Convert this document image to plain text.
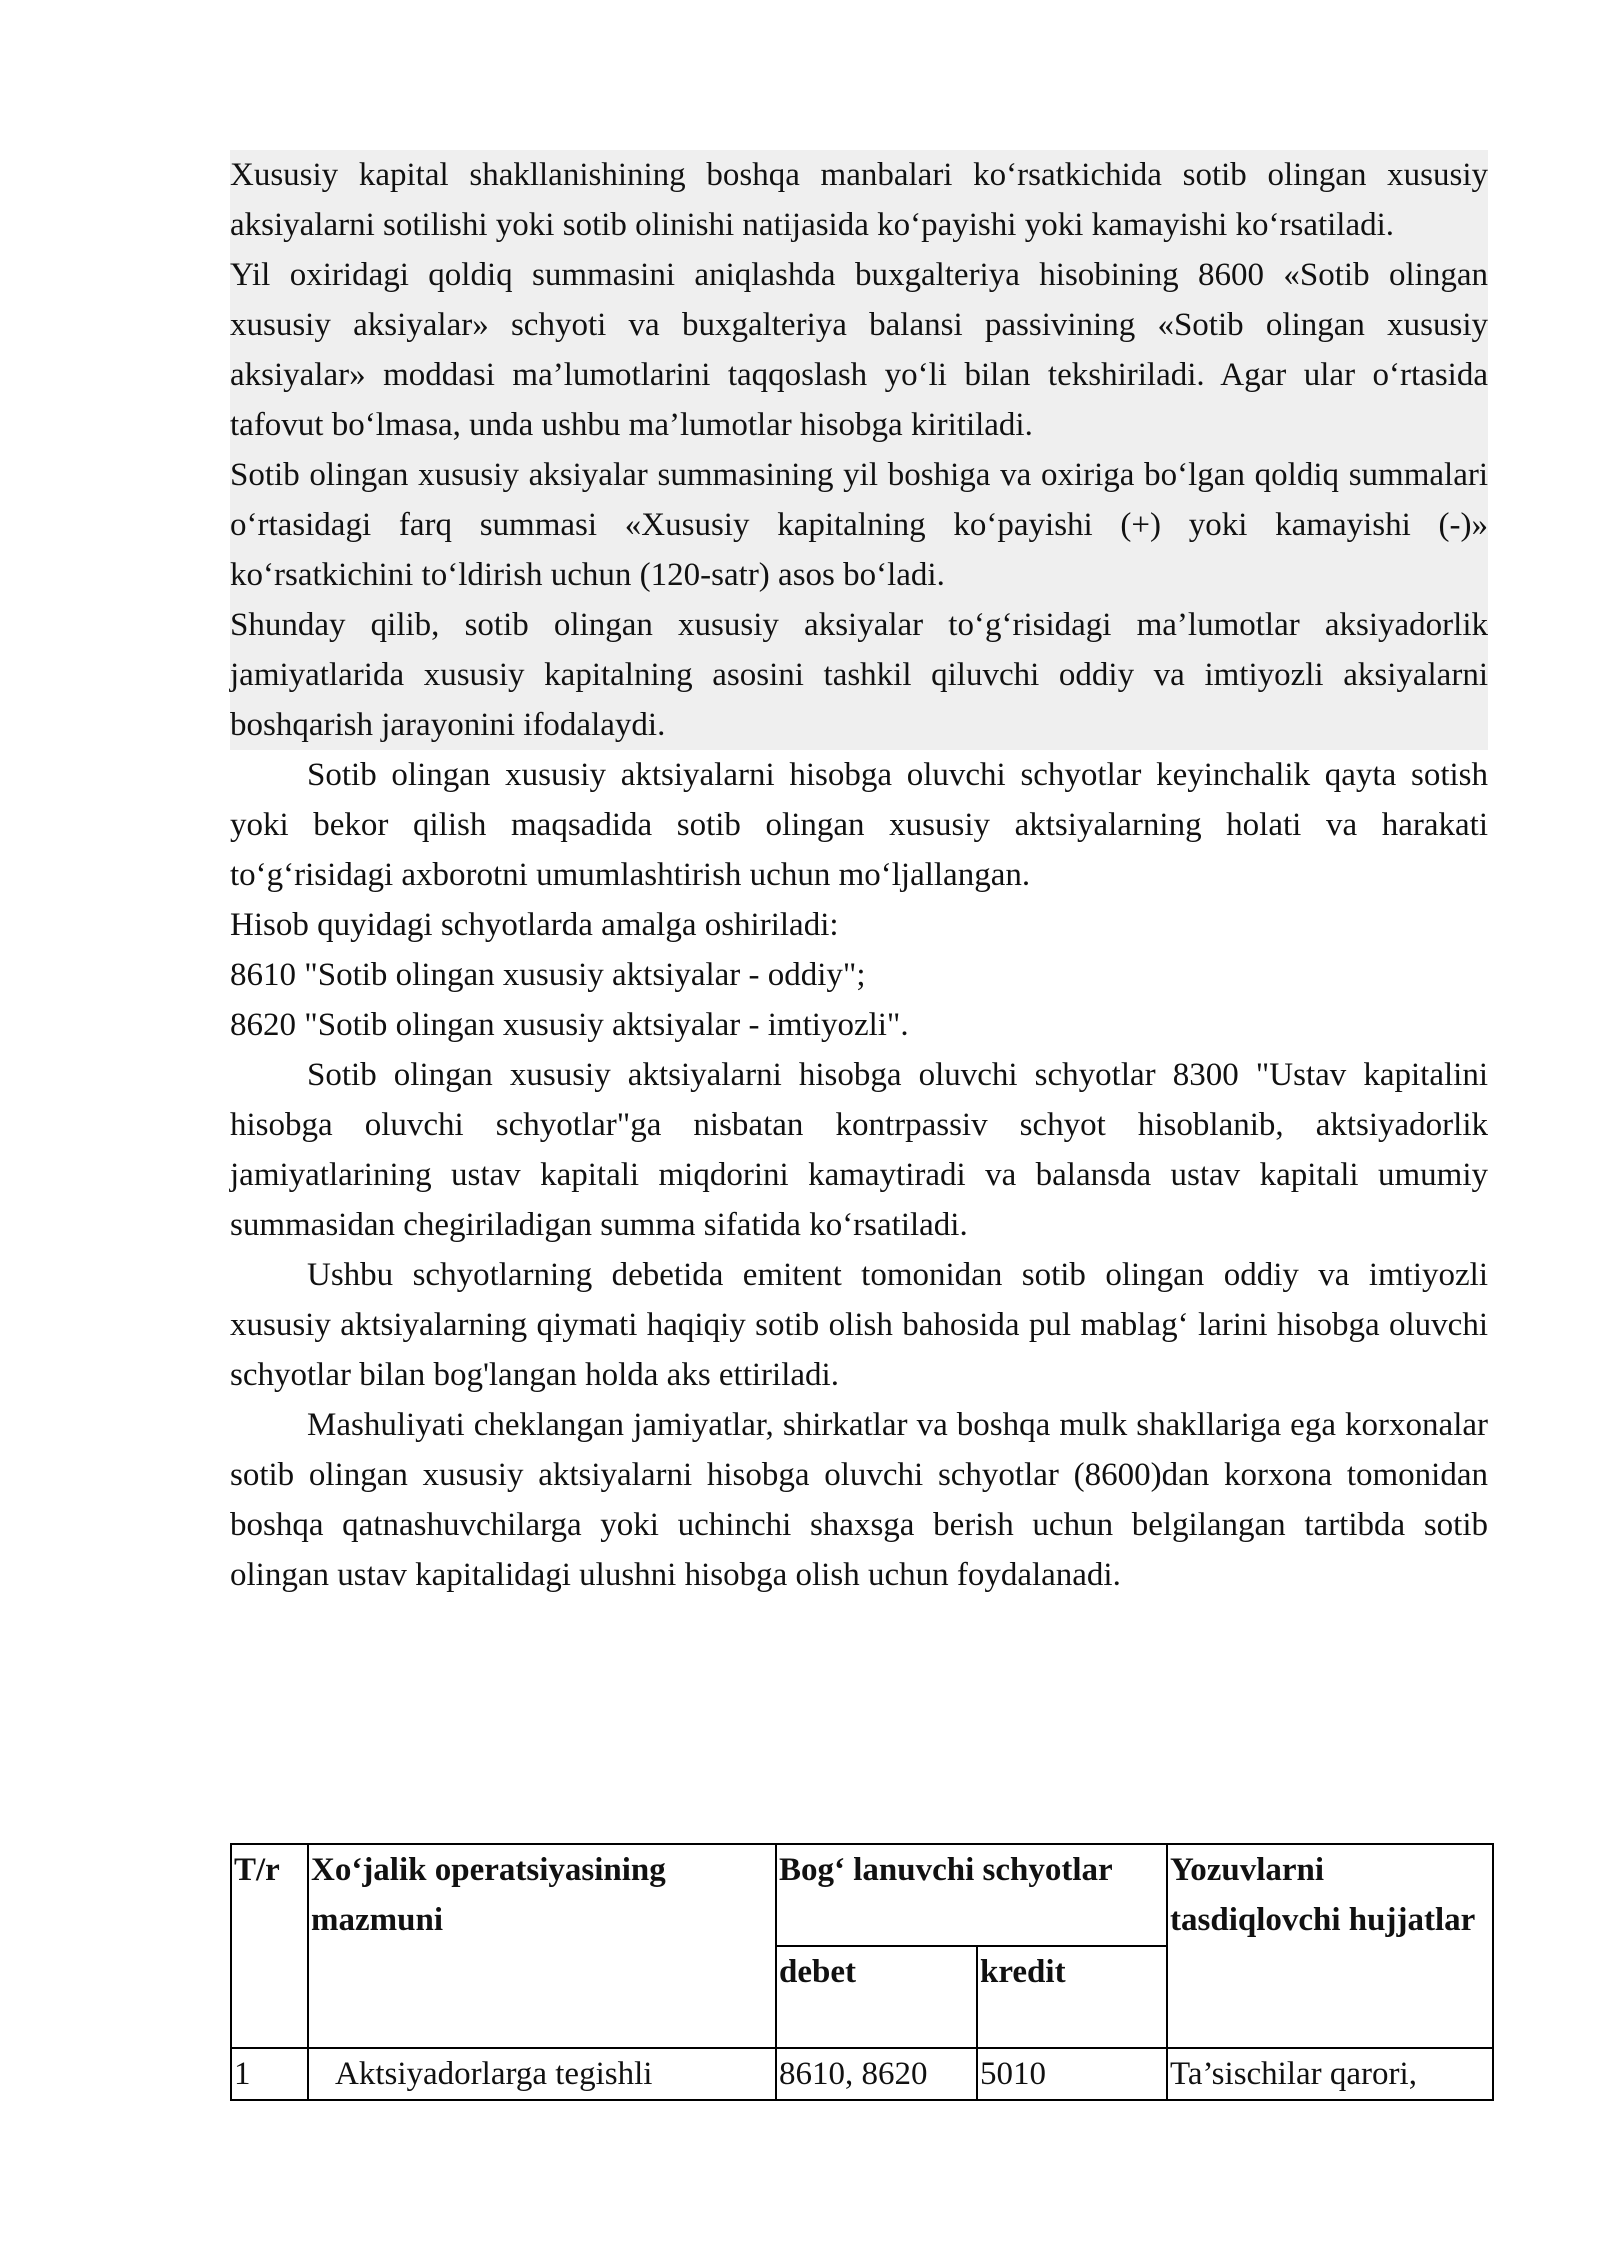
Xususiy kapital shakllanishining boshqa manbalari ko‘rsatkichida sotib olingan xususiy aksiyalarni sotilishi yoki sotib olinishi natijasida ko‘payishi yoki kamayishi ko‘rsatiladi.

Yil oxiridagi qoldiq summasini aniqlashda buxgalteriya hisobining 8600 «Sotib olingan xususiy aksiyalar» schyoti va buxgalteriya balansi passivining «Sotib olingan xususiy aksiyalar» moddasi ma’lumotlarini taqqoslash yo‘li bilan tekshiriladi. Agar ular o‘rtasida tafovut bo‘lmasa, unda ushbu ma’lumotlar hisobga kiritiladi.

Sotib olingan xususiy aksiyalar summasining yil boshiga va oxiriga bo‘lgan qoldiq summalari o‘rtasidagi farq summasi «Xususiy kapitalning ko‘payishi (+) yoki kamayishi (-)» ko‘rsatkichini to‘ldirish uchun (120-satr) asos bo‘ladi.

Shunday qilib, sotib olingan xususiy aksiyalar to‘g‘risidagi ma’lumotlar aksiyadorlik jamiyatlarida xususiy kapitalning asosini tashkil qiluvchi oddiy va imtiyozli aksiyalarni boshqarish jarayonini ifodalaydi.

Sotib olingan xususiy aktsiyalarni hisobga oluvchi schyotlar keyinchalik qayta sotish yoki bekor qilish maqsadida sotib olingan xususiy aktsiyalarning holati va harakati to‘g‘risidagi axborotni umumlashtirish uchun mo‘ljallangan.

Hisob quyidagi schyotlarda amalga oshiriladi:

8610 "Sotib olingan xususiy aktsiyalar - oddiy";

8620 "Sotib olingan xususiy aktsiyalar - imtiyozli".

Sotib olingan xususiy aktsiyalarni hisobga oluvchi schyotlar 8300 "Ustav kapitalini hisobga oluvchi schyotlar"ga nisbatan kontrpassiv schyot hisoblanib, aktsiyadorlik jamiyatlarining ustav kapitali miqdorini kamaytiradi va balansda ustav kapitali umumiy summasidan chegiriladigan summa sifatida ko‘rsatiladi.

Ushbu schyotlarning debetida emitent tomonidan sotib olingan oddiy va imtiyozli xususiy aktsiyalarning qiymati haqiqiy sotib olish bahosida pul mablag‘ larini hisobga oluvchi schyotlar bilan bog'langan holda aks ettiriladi.

Mashuliyati cheklangan jamiyatlar, shirkatlar va boshqa mulk shakllariga ega korxonalar sotib olingan xususiy aktsiyalarni hisobga oluvchi schyotlar (8600)dan korxona tomonidan boshqa qatnashuvchilarga yoki uchinchi shaxsga berish uchun belgilangan tartibda sotib olingan ustav kapitalidagi ulushni hisobga olish uchun foydalanadi.

T/r	Xo‘jalik operatsiyasining mazmuni	Bog‘ lanuvchi schyotlar		Yozuvlarni tasdiqlovchi hujjatlar
		debet	kredit	
1	Aktsiyadorlarga tegishli	8610, 8620	5010	Ta’sischilar qarori,
